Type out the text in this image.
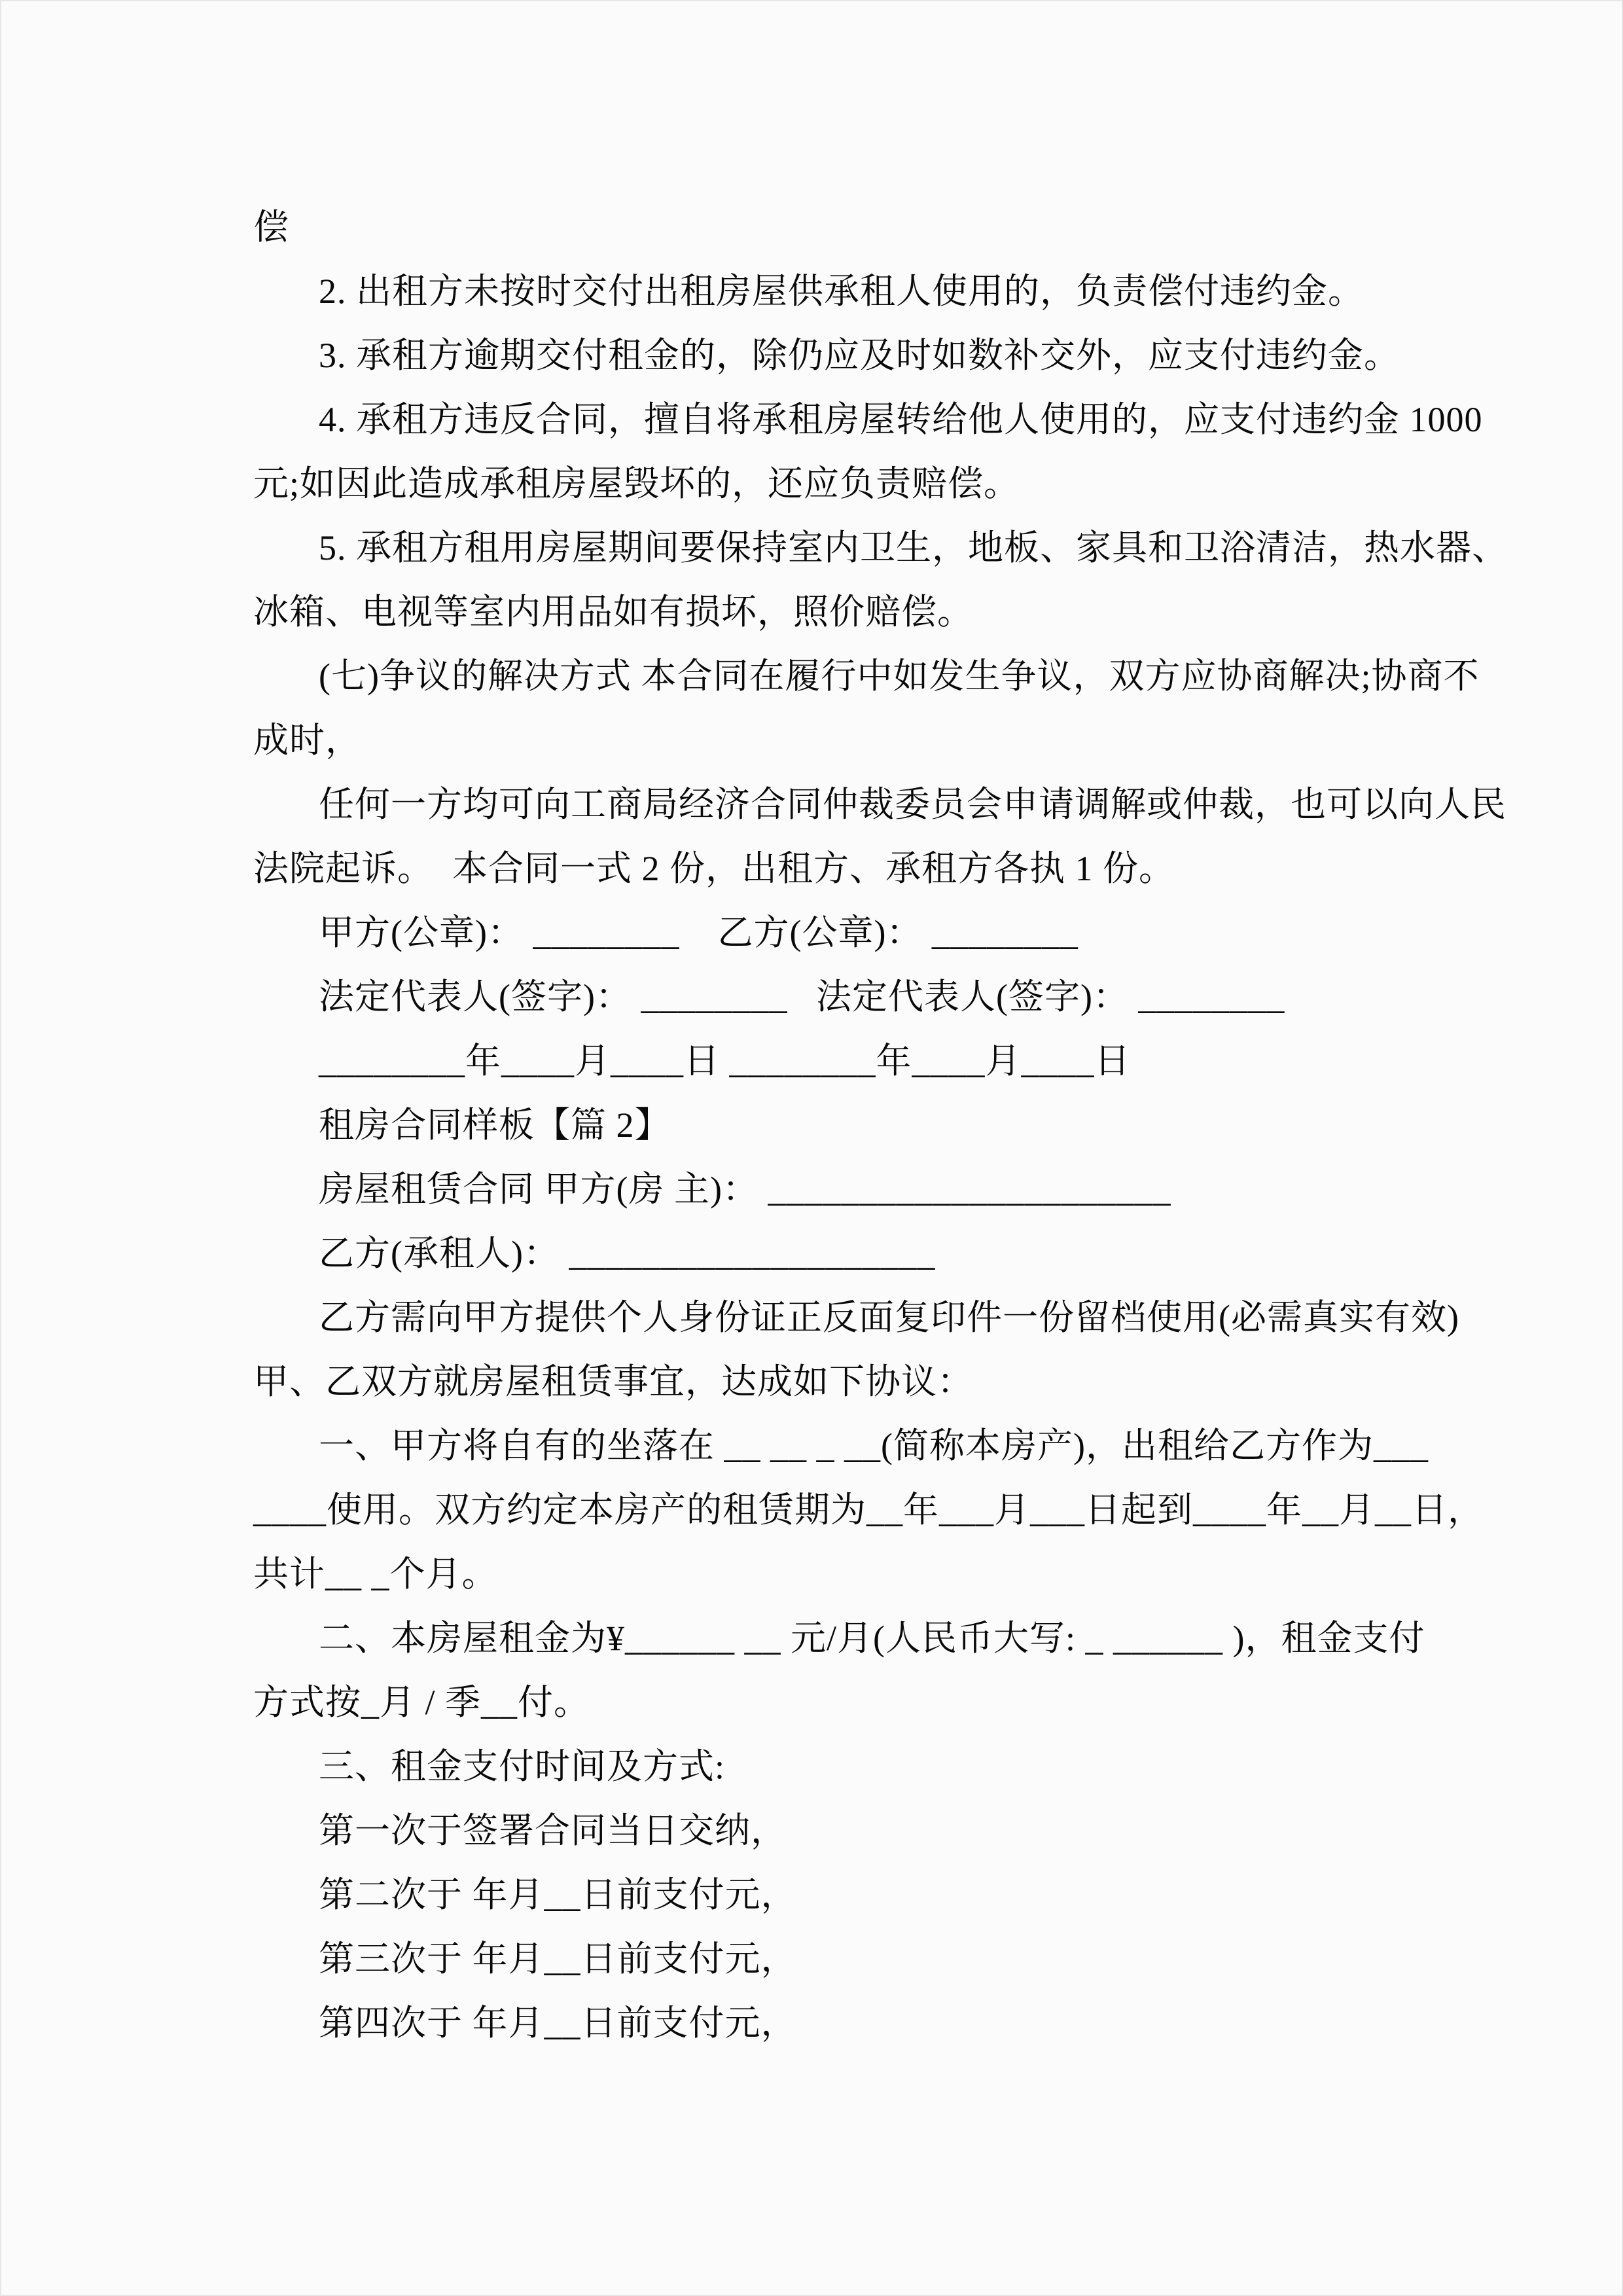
偿
2. 出租方未按时交付出租房屋供承租人使用的，负责偿付违约金。
3. 承租方逾期交付租金的，除仍应及时如数补交外，应支付违约金。
4. 承租方违反合同，擅自将承租房屋转给他人使用的，应支付违约金 1000
元;如因此造成承租房屋毁坏的，还应负责赔偿。
5. 承租方租用房屋期间要保持室内卫生，地板、家具和卫浴清洁，热水器、
冰箱、电视等室内用品如有损坏，照价赔偿。
(七)争议的解决方式 本合同在履行中如发生争议，双方应协商解决;协商不
成时，
任何一方均可向工商局经济合同仲裁委员会申请调解或仲裁，也可以向人民
法院起诉。  本合同一式 2 份，出租方、承租方各执 1 份。
甲方(公章)： ________    乙方(公章)： ________
法定代表人(签字)： ________   法定代表人(签字)： ________
________年____月____日 ________年____月____日
租房合同样板【篇 2】
房屋租赁合同 甲方(房 主)： ______________________
乙方(承租人)： ____________________
乙方需向甲方提供个人身份证正反面复印件一份留档使用(必需真实有效)
甲、乙双方就房屋租赁事宜，达成如下协议：
一、甲方将自有的坐落在 __ __ _ __(简称本房产)，出租给乙方作为___
____使用。双方约定本房产的租赁期为__年___月___日起到____年__月__日，
共计__ _个月。
二、本房屋租金为¥______ __ 元/月(人民币大写: _ ______ )，租金支付
方式按_月 / 季__付。
三、租金支付时间及方式:
第一次于签署合同当日交纳，
第二次于 年月__日前支付元，
第三次于 年月__日前支付元，
第四次于 年月__日前支付元，
